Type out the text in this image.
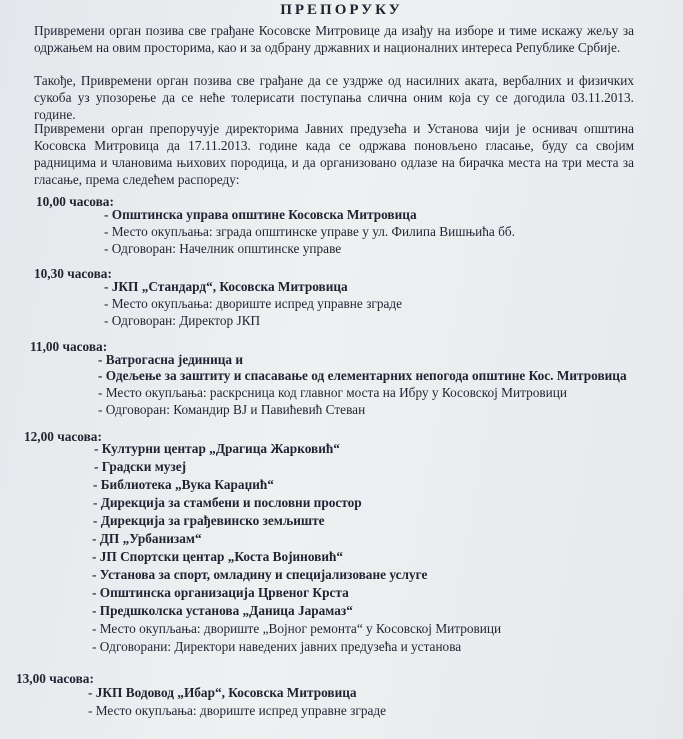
ПРЕПОРУКУ
Привремени орган позива све грађане Косовске Митровице да изађу на изборе и тиме искажу жељу за одржањем на овим просторима, као и за одбрану државних и националних интереса Републике Србије.
Такође, Привремени орган позива све грађане да се уздрже од насилних аката, вербалних и физичких сукоба уз упозорење да се неће толерисати поступања слична оним која су се догодила 03.11.2013. године.
Привремени орган препоручује директорима Јавних предузећа и Установа чији је оснивач општина Косовска Митровица да 17.11.2013. године када се одржава поновљено гласање, буду са својим радницима и члановима њихових породица, и да организовано одлазе на бирачка места на три места за гласање, према следећем распореду:
10,00 часова:
- Општинска управа општине Косовска Митровица
- Место окупљања: зграда општинске управе у ул. Филипа Вишњића бб.
- Одговоран: Начелник општинске управе
10,30 часова:
- ЈКП „Стандард“, Косовска Митровица
- Место окупљања: двориште испред управне зграде
- Одговоран: Директор ЈКП
11,00 часова:
- Ватрогасна јединица и
- Одељење за заштиту и спасавање од елементарних непогода општине Кос. Митровица
- Место окупљања: раскрсница код главног моста на Ибру у Косовској Митровици
- Одговоран: Командир ВЈ и Павићевић Стеван
12,00 часова:
- Културни центар „Драгица Жарковић“
- Градски музеј
- Библиотека „Вука Караџић“
- Дирекција за стамбени и пословни простор
- Дирекција за грађевинско земљиште
- ДП „Урбанизам“
- ЈП Спортски центар „Коста Војиновић“
- Установа за спорт, омладину и специјализоване услуге
- Општинска организација Црвеног Крста
- Предшколска установа „Даница Јарамаз“
- Место окупљања: двориште „Војног ремонта“ у Косовској Митровици
- Одговорани: Директори наведених јавних предузећа и установа
13,00 часова:
- ЈКП Водовод „Ибар“, Косовска Митровица
- Место окупљања: двориште испред управне зграде
